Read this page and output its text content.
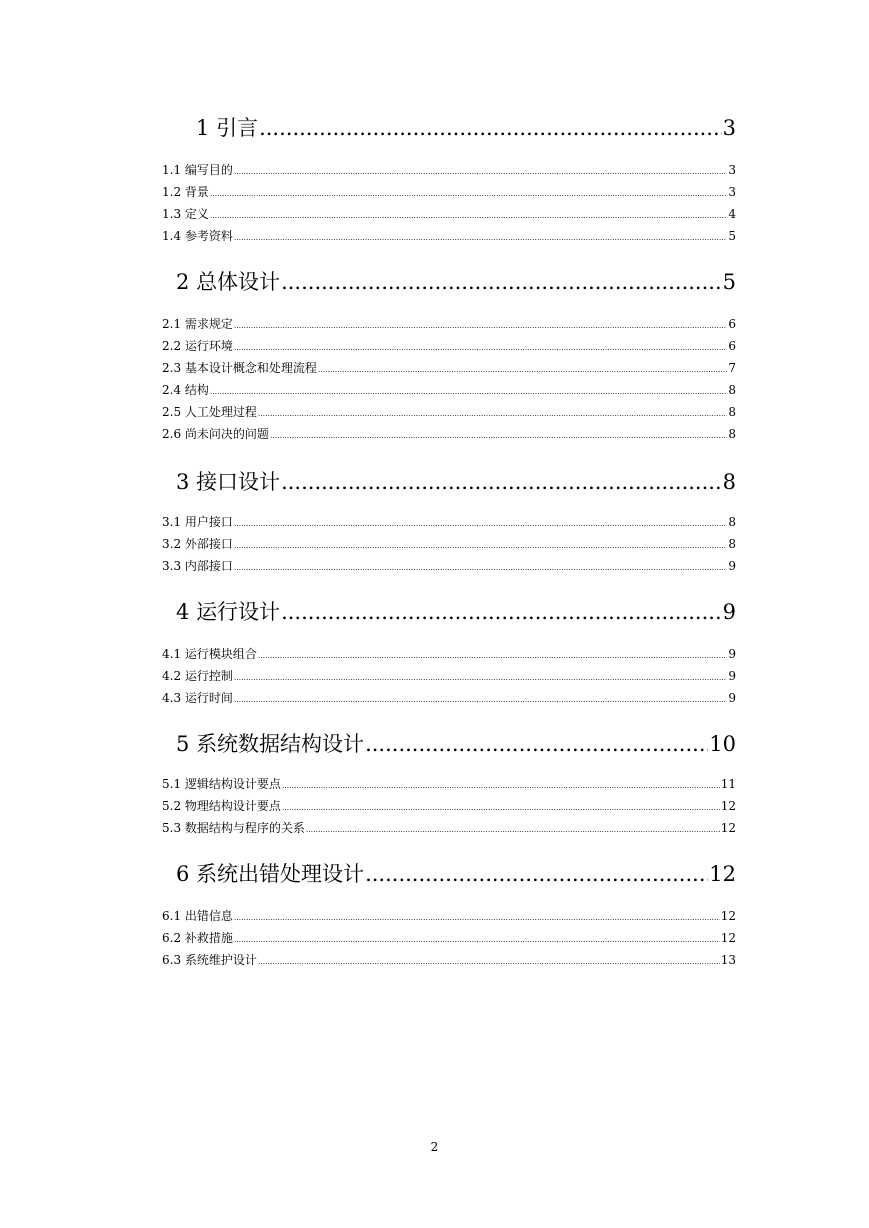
1 引言 .....	3
1.1 编写目的 .....	3
1.2 背景 .....	3
1.3 定义 .....	4
1.4 参考资料 .....	5
2 总体设计 .....	5
2.1 需求规定 .....	6
2.2 运行环境 .....	6
2.3 基本设计概念和处理流程 .....	7
2.4 结构 .....	8
2.5 人工处理过程 .....	8
2.6 尚未问决的问题 .....	8
3 接口设计 .....	8
3.1 用户接口 .....	8
3.2 外部接口 .....	8
3.3 内部接口 .....	9
4 运行设计 .....	9
4.1 运行模块组合 .....	9
4.2 运行控制 .....	9
4.3 运行时间 .....	9
5 系统数据结构设计 .....	10
5.1 逻辑结构设计要点 .....	11
5.2 物理结构设计要点 .....	12
5.3 数据结构与程序的关系 .....	12
6 系统出错处理设计 .....	12
6.1 出错信息 .....	12
6.2 补救措施 .....	12
6.3 系统维护设计 .....	13
2
